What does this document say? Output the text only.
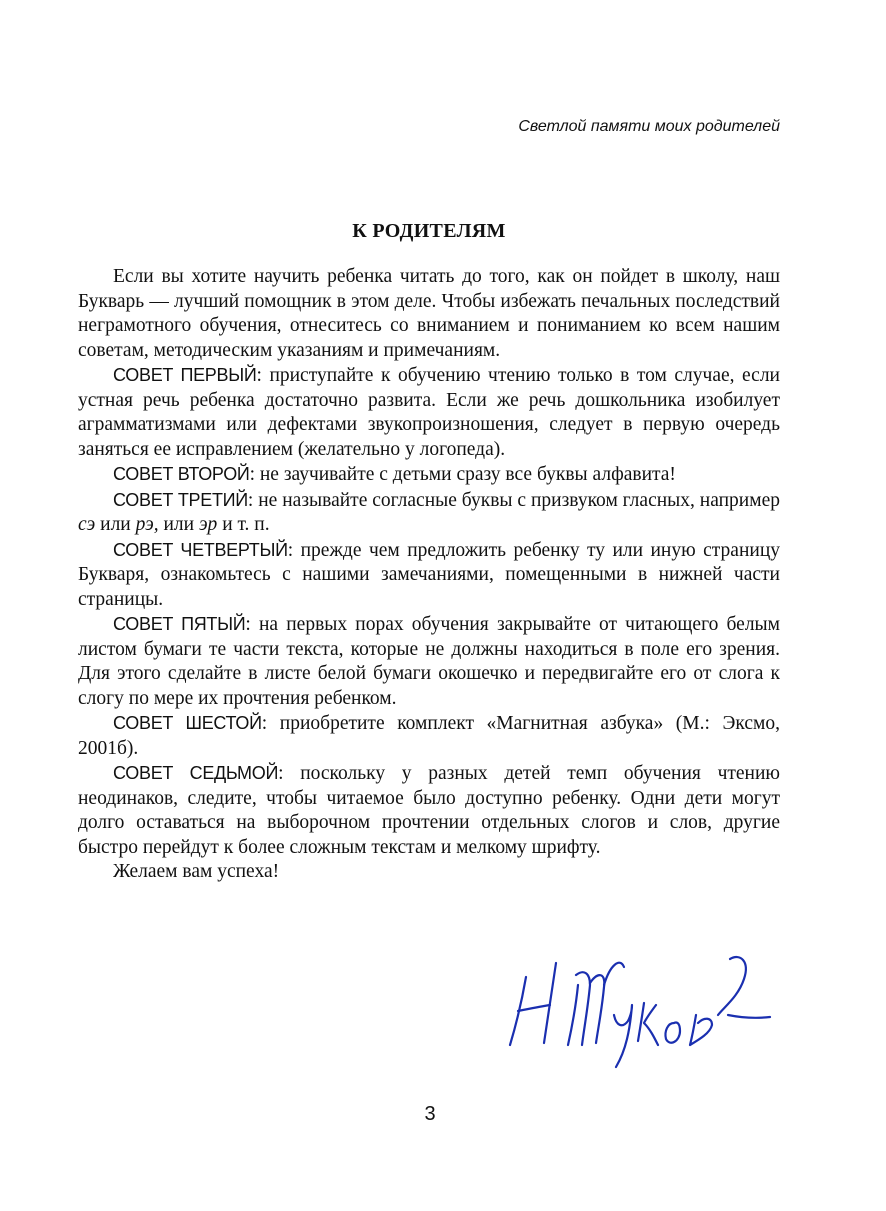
Светлой памяти моих родителей

К РОДИТЕЛЯМ

Если вы хотите научить ребенка читать до того, как он пойдет в школу, наш Букварь — лучший помощник в этом деле. Чтобы избежать печальных последствий неграмотного обучения, отнеситесь со вниманием и пониманием ко всем нашим советам, методическим указаниям и примечаниям.

СОВЕТ ПЕРВЫЙ: приступайте к обучению чтению только в том случае, если устная речь ребенка достаточно развита. Если же речь дошкольника изобилует аграмматизмами или дефектами звукопроизношения, следует в первую очередь заняться ее исправлением (желательно у логопеда).

СОВЕТ ВТОРОЙ: не заучивайте с детьми сразу все буквы алфавита!

СОВЕТ ТРЕТИЙ: не называйте согласные буквы с призвуком гласных, например сэ или рэ, или эр и т. п.

СОВЕТ ЧЕТВЕРТЫЙ: прежде чем предложить ребенку ту или иную страницу Букваря, ознакомьтесь с нашими замечаниями, помещенными в нижней части страницы.

СОВЕТ ПЯТЫЙ: на первых порах обучения закрывайте от читающего белым листом бумаги те части текста, которые не должны находиться в поле его зрения. Для этого сделайте в листе белой бумаги окошечко и передвигайте его от слога к слогу по мере их прочтения ребенком.

СОВЕТ ШЕСТОЙ: приобретите комплект «Магнитная азбука» (М.: Эксмо, 2001б).

СОВЕТ СЕДЬМОЙ: поскольку у разных детей темп обучения чтению неодинаков, следите, чтобы читаемое было доступно ребенку. Одни дети могут долго оставаться на выборочном прочтении отдельных слогов и слов, другие быстро перейдут к более сложным текстам и мелкому шрифту.

Желаем вам успеха!

3
